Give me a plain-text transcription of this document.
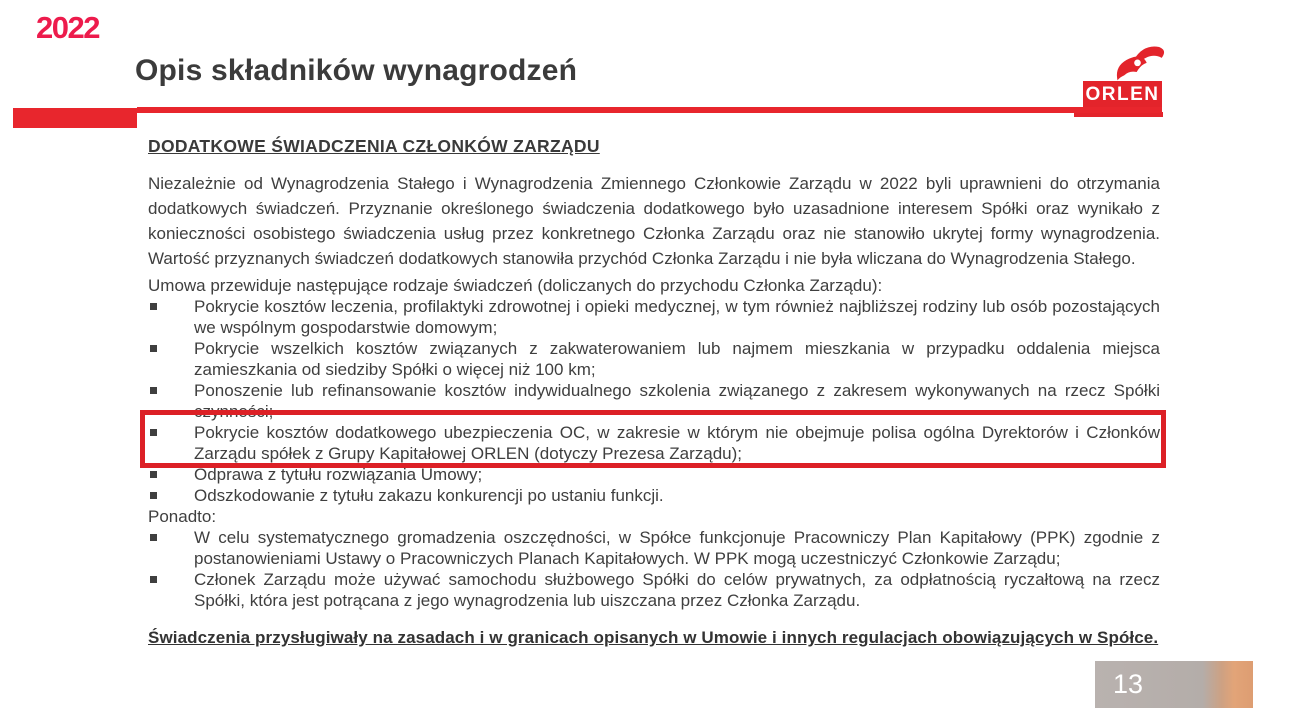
2022
Opis składników wynagrodzeń
ORLEN
DODATKOWE ŚWIADCZENIA CZŁONKÓW ZARZĄDU

Niezależnie od Wynagrodzenia Stałego i Wynagrodzenia Zmiennego Członkowie Zarządu w 2022 byli uprawnieni do otrzymania dodatkowych świadczeń. Przyznanie określonego świadczenia dodatkowego było uzasadnione interesem Spółki oraz wynikało z konieczności osobistego świadczenia usług przez konkretnego Członka Zarządu oraz nie stanowiło ukrytej formy wynagrodzenia. Wartość przyznanych świadczeń dodatkowych stanowiła przychód Członka Zarządu i nie była wliczana do Wynagrodzenia Stałego.

Umowa przewiduje następujące rodzaje świadczeń (doliczanych do przychodu Członka Zarządu):

Pokrycie kosztów leczenia, profilaktyki zdrowotnej i opieki medycznej, w tym również najbliższej rodziny lub osób pozostających we wspólnym gospodarstwie domowym;
Pokrycie wszelkich kosztów związanych z zakwaterowaniem lub najmem mieszkania w przypadku oddalenia miejsca zamieszkania od siedziby Spółki o więcej niż 100 km;
Ponoszenie lub refinansowanie kosztów indywidualnego szkolenia związanego z zakresem wykonywanych na rzecz Spółki czynności;
Pokrycie kosztów dodatkowego ubezpieczenia OC, w zakresie w którym nie obejmuje polisa ogólna Dyrektorów i Członków Zarządu spółek z Grupy Kapitałowej ORLEN (dotyczy Prezesa Zarządu);
Odprawa z tytułu rozwiązania Umowy;
Odszkodowanie z tytułu zakazu konkurencji po ustaniu funkcji.

Ponadto:

W celu systematycznego gromadzenia oszczędności, w Spółce funkcjonuje Pracowniczy Plan Kapitałowy (PPK) zgodnie z postanowieniami Ustawy o Pracowniczych Planach Kapitałowych. W PPK mogą uczestniczyć Członkowie Zarządu;
Członek Zarządu może używać samochodu służbowego Spółki do celów prywatnych, za odpłatnością ryczałtową na rzecz Spółki, która jest potrącana z jego wynagrodzenia lub uiszczana przez Członka Zarządu.

Świadczenia przysługiwały na zasadach i w granicach opisanych w Umowie i innych regulacjach obowiązujących w Spółce.

13
